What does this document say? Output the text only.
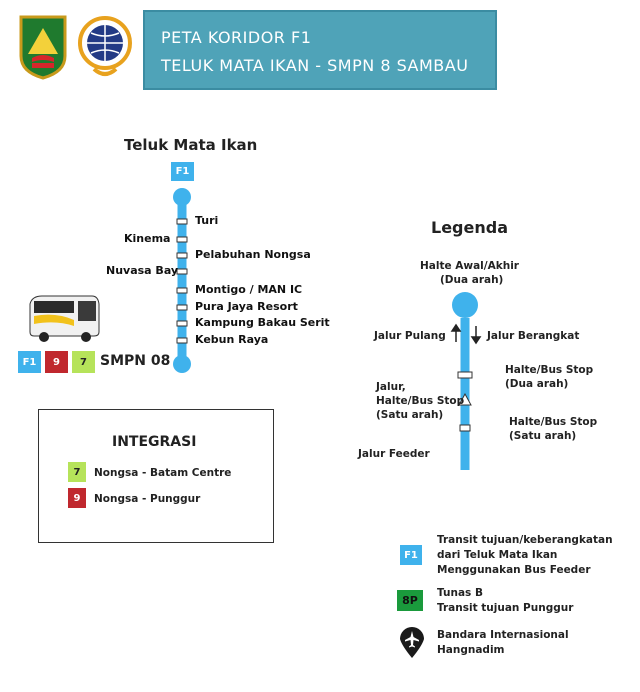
PETA KORIDOR F1
TELUK MATA IKAN - SMPN 8 SAMBAU
Teluk Mata Ikan
F1
Turi
Kinema
Pelabuhan Nongsa
Nuvasa Bay
Montigo / MAN IC
Pura Jaya Resort
Kampung Bakau Serit
Kebun Raya
F1	9	7 SMPN 08
INTEGRASI
7	Nongsa - Batam Centre
9	Nongsa - Punggur
Legenda
Halte Awal/Akhir
(Dua arah)
Jalur Pulang	Jalur Berangkat
Halte/Bus Stop
(Dua arah)
Jalur,
Halte/Bus Stop
(Satu arah)
Halte/Bus Stop
(Satu arah)
Jalur Feeder
F1
Transit tujuan/keberangkatan
dari Teluk Mata Ikan
Menggunakan Bus Feeder
8P
Tunas B
Transit tujuan Punggur
Bandara Internasional
Hangnadim
